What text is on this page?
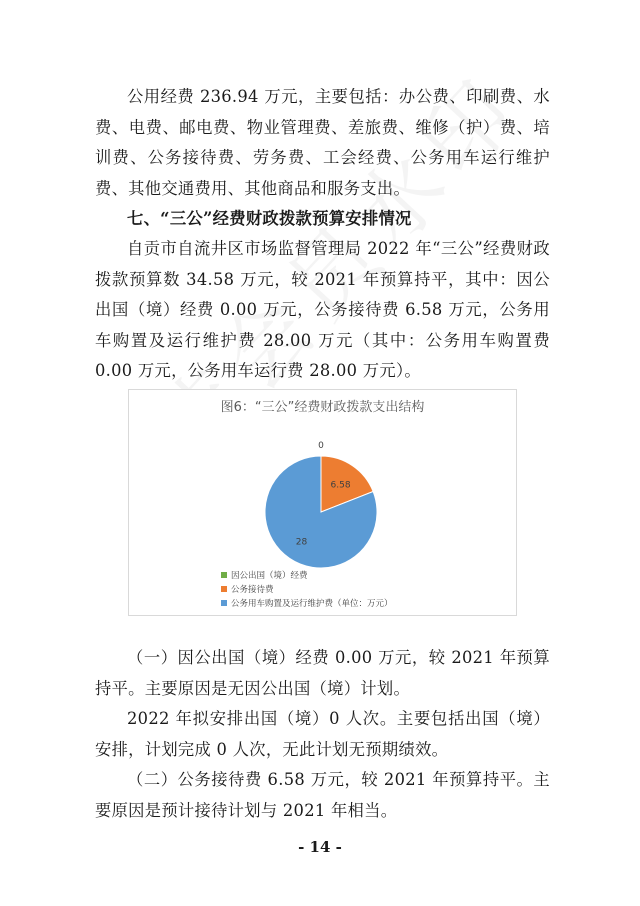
公用经费 236.94 万元，主要包括：办公费、印刷费、水费、电费、邮电费、物业管理费、差旅费、维修（护）费、培训费、公务接待费、劳务费、工会经费、公务用车运行维护费、其他交通费用、其他商品和服务支出。

七、“三公”经费财政拨款预算安排情况

自贡市自流井区市场监督管理局 2022 年“三公”经费财政拨款预算数 34.58 万元，较 2021 年预算持平，其中：因公出国（境）经费 0.00 万元，公务接待费 6.58 万元，公务用车购置及运行维护费 28.00 万元（其中：公务用车购置费 0.00 万元，公务用车运行费 28.00 万元）。

图6：“三公”经费财政拨款支出结构
0
6.58
28
因公出国（境）经费
公务接待费
公务用车购置及运行维护费（单位：万元）

（一）因公出国（境）经费 0.00 万元，较 2021 年预算持平。主要原因是无因公出国（境）计划。

2022 年拟安排出国（境）0 人次。主要包括出国（境）安排，计划完成 0 人次，无此计划无预期绩效。

（二）公务接待费 6.58 万元，较 2021 年预算持平。主要原因是预计接待计划与 2021 年相当。

- 14 -
